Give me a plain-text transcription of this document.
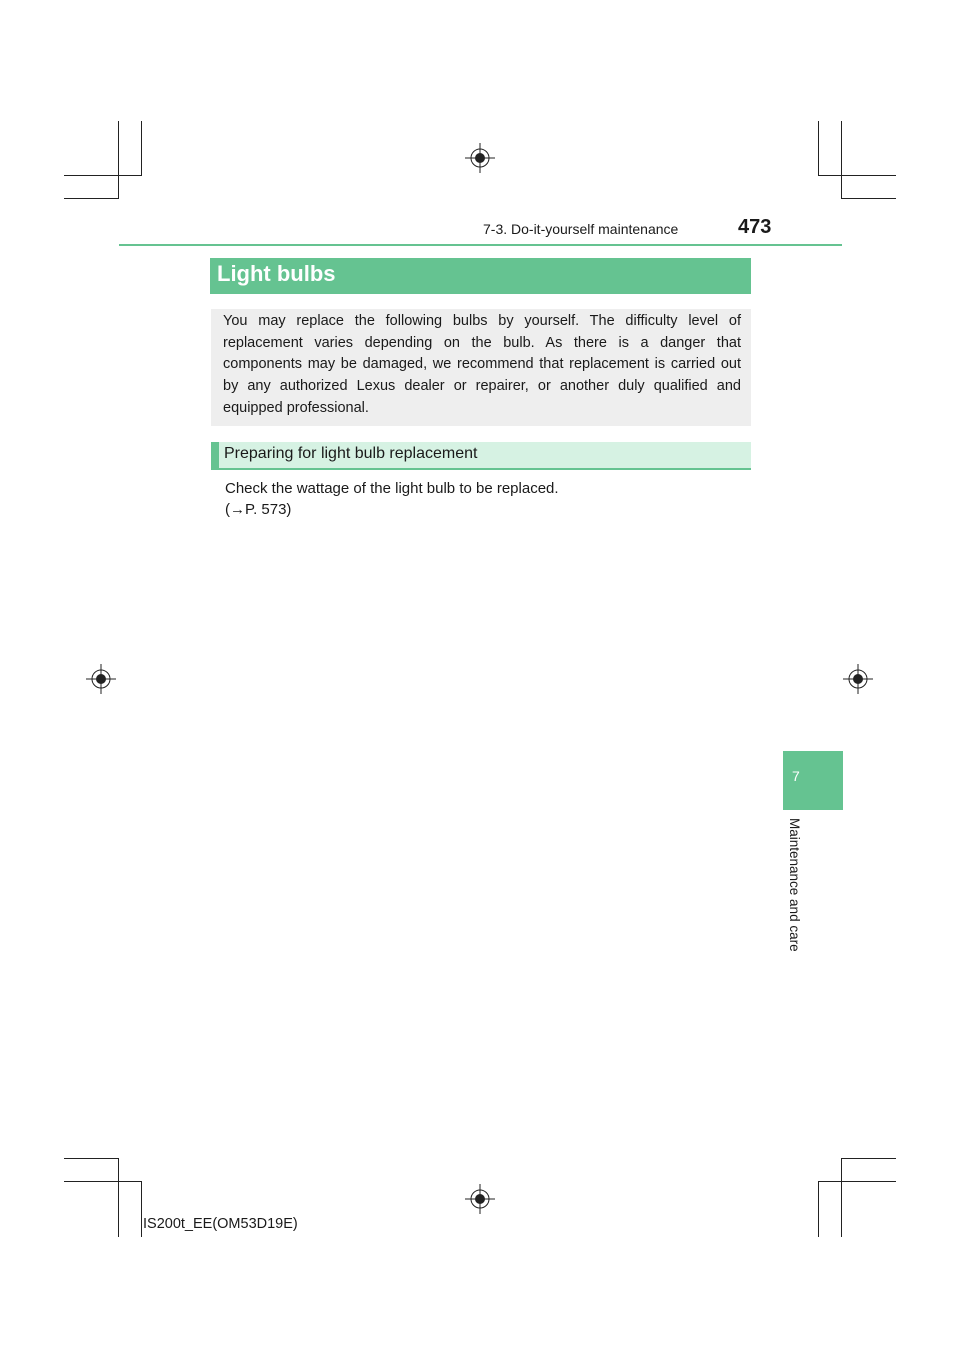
7-3. Do-it-yourself maintenance	473
Light bulbs
You may replace the following bulbs by yourself. The difficulty level of replacement varies depending on the bulb. As there is a danger that components may be damaged, we recommend that replacement is carried out by any authorized Lexus dealer or repairer, or another duly qualified and equipped professional.
Preparing for light bulb replacement
Check the wattage of the light bulb to be replaced.
(→P. 573)
7
Maintenance and care
IS200t_EE(OM53D19E)
